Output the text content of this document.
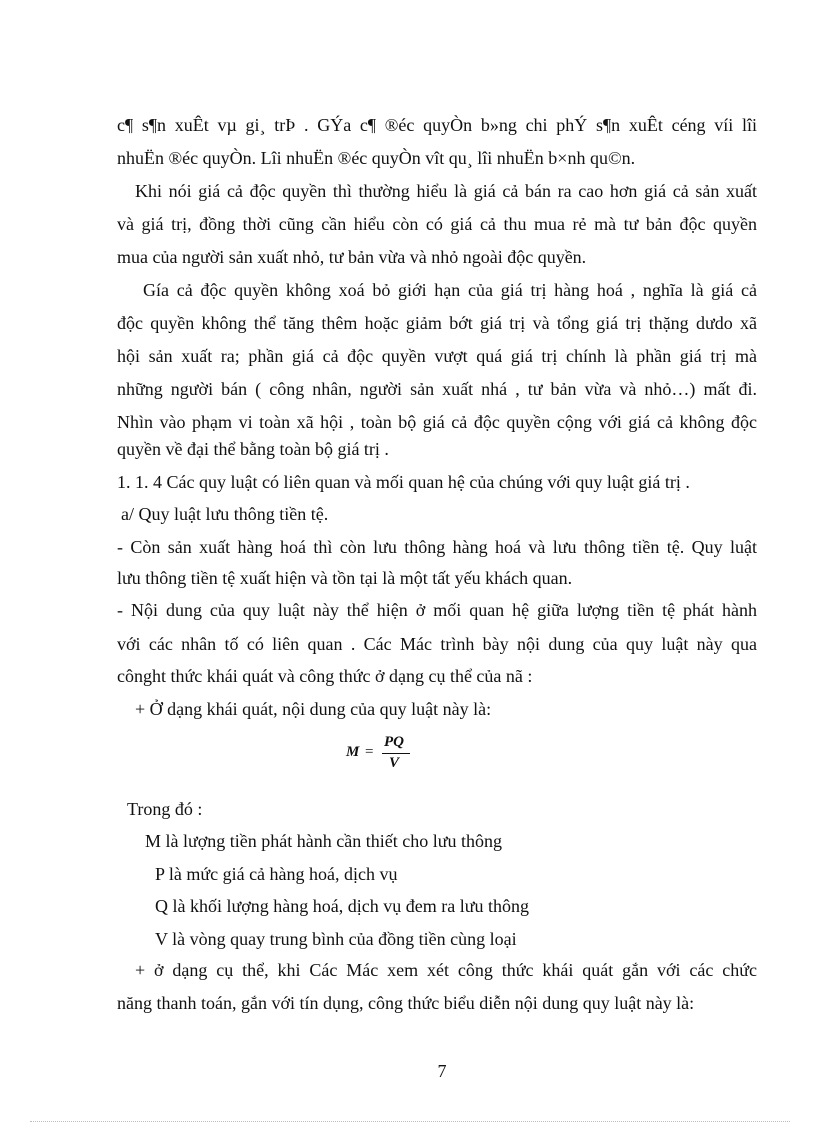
c¶ s¶n xuÊt vµ gi¸ trÞ . GÝa c¶ ®éc quyÒn b»ng chi phÝ s¶n xuÊt céng víi lîi
nhuËn ®éc quyÒn. Lîi nhuËn ®éc quyÒn vît qu¸ lîi nhuËn b×nh qu©n.
Khi nói giá cả độc quyền thì thường hiểu là giá cả bán ra cao hơn giá cả sản xuất
và giá trị, đồng thời cũng cần hiểu còn có giá cả thu mua rẻ mà tư bản độc quyền
mua của người sản xuất nhỏ, tư bản vừa và nhỏ ngoài độc quyền.
Gía cả độc quyền không xoá bỏ giới hạn của giá trị hàng hoá , nghĩa là giá cả
độc quyền không thể tăng thêm hoặc giảm bớt giá trị và tổng giá trị thặng dưdo xã
hội sản xuất ra; phần giá cả độc quyền vượt quá giá trị chính là phần giá trị mà
những người bán ( công nhân, người sản xuất nhá , tư bản vừa và nhỏ…) mất đi.
Nhìn vào phạm vi toàn xã hội , toàn bộ giá cả độc quyền cộng với giá cả không độc
quyền về đại thể bằng toàn bộ giá trị .
1. 1. 4 Các quy luật có liên quan và mối quan hệ của chúng với quy luật giá trị .
a/ Quy luật lưu thông tiền tệ.
- Còn sản xuất hàng hoá thì còn lưu thông hàng hoá và lưu thông tiền tệ. Quy luật
lưu thông tiền tệ xuất hiện và tồn tại là một tất yếu khách quan.
- Nội dung của quy luật này thể hiện ở mối quan hệ giữa lượng tiền tệ phát hành
với các nhân tố có liên quan . Các Mác trình bày nội dung của quy luật này qua
cônght thức khái quát và công thức ở dạng cụ thể của nã :
+ Ở dạng khái quát, nội dung của quy luật này là:
M =
PQ
V
Trong đó :
M là lượng tiền phát hành cần thiết cho lưu thông
P là mức giá cả hàng hoá, dịch vụ
Q là khối lượng hàng hoá, dịch vụ đem ra lưu thông
V là vòng quay trung bình của đồng tiền cùng loại
+ ở dạng cụ thể, khi Các Mác xem xét công thức khái quát gắn với các chức
năng thanh toán, gắn với tín dụng, công thức biểu diễn nội dung quy luật này là:
7
